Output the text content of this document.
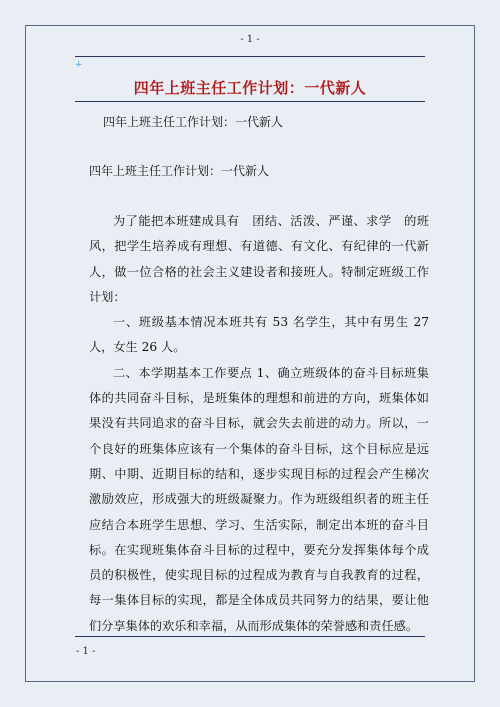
- 1 -
+
四年上班主任工作计划：一代新人
四年上班主任工作计划：一代新人
四年上班主任工作计划：一代新人

为了能把本班建成具有　团结、活泼、严谨、求学　的班风，把学生培养成有理想、有道德、有文化、有纪律的一代新人，做一位合格的社会主义建设者和接班人。特制定班级工作计划：

一、班级基本情况本班共有 53 名学生，其中有男生 27 人，女生 26 人。

二、本学期基本工作要点 1、确立班级体的奋斗目标班集体的共同奋斗目标，是班集体的理想和前进的方向，班集体如果没有共同追求的奋斗目标，就会失去前进的动力。所以，一个良好的班集体应该有一个集体的奋斗目标，这个目标应是远期、中期、近期目标的结和，逐步实现目标的过程会产生梯次激励效应，形成强大的班级凝聚力。作为班级组织者的班主任应结合本班学生思想、学习、生活实际，制定出本班的奋斗目标。在实现班集体奋斗目标的过程中，要充分发挥集体每个成员的积极性，使实现目标的过程成为教育与自我教育的过程，每一集体目标的实现，都是全体成员共同努力的结果，要让他们分享集体的欢乐和幸福，从而形成集体的荣誉感和责任感。

- 1 -
